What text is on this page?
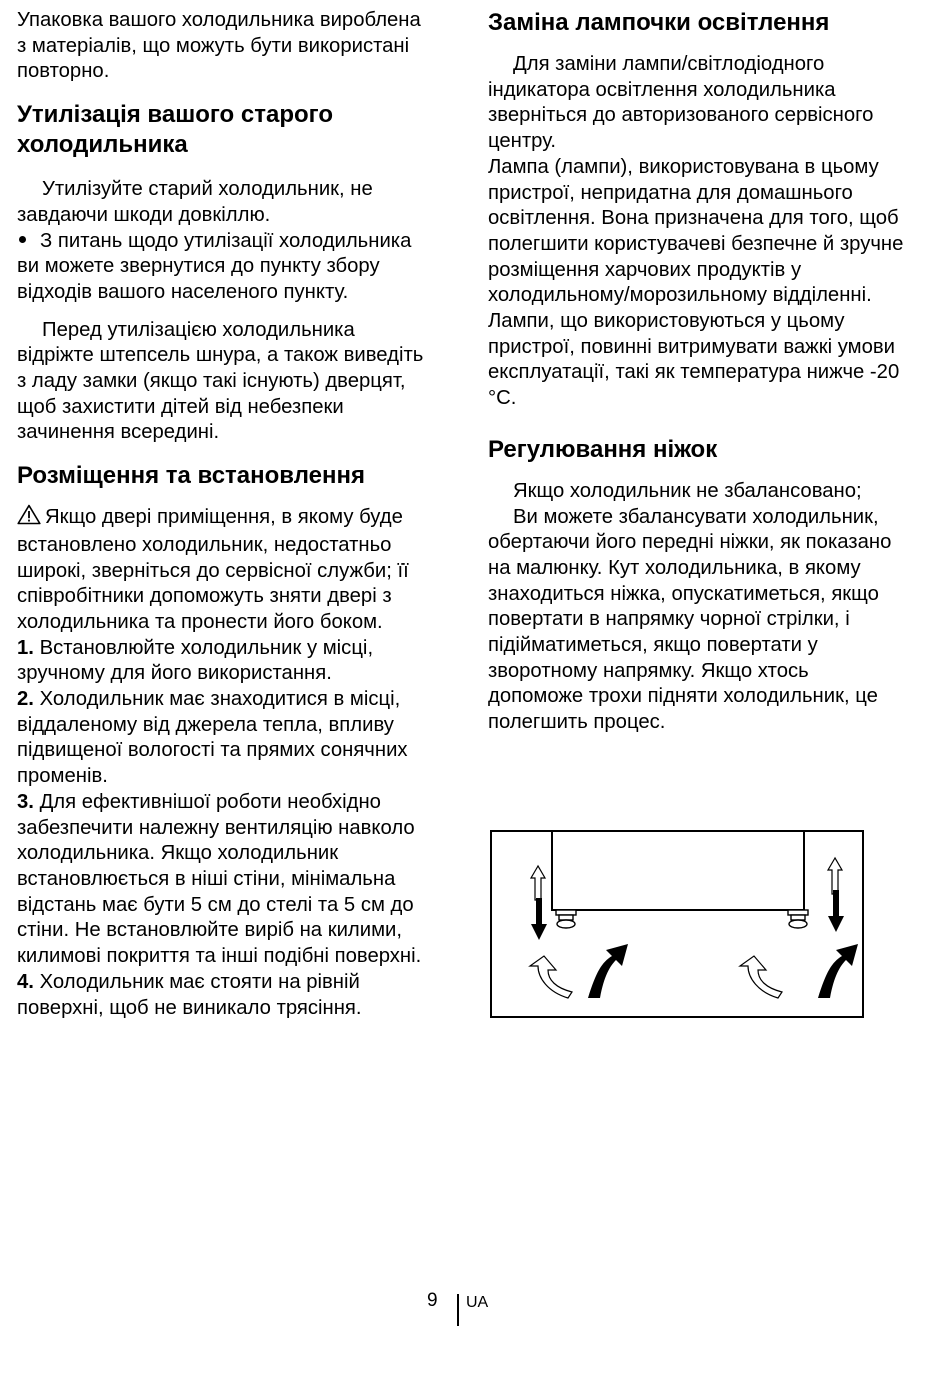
Упаковка вашого холодильника вироблена з матеріалів, що можуть бути використані повторно.

Утилізація вашого старого холодильника

Утилізуйте старий холодильник, не завдаючи шкоди довкіллю.

З питань щодо утилізації холодильника ви можете звернутися до пункту збору відходів вашого населеного пункту.

Перед утилізацією холодильника відріжте штепсель шнура, а також виведіть з ладу замки (якщо такі існують) дверцят, щоб захистити дітей від небезпеки зачинення всередині.

Розміщення та встановлення

Якщо двері приміщення, в якому буде встановлено холодильник, недостатньо широкі, зверніться до сервісної служби; її співробітники допоможуть зняти двері з холодильника та пронести його боком.

1. Встановлюйте холодильник у місці, зручному для його використання.

2. Холодильник має знаходитися в місці, віддаленому від джерела тепла, впливу підвищеної вологості та прямих сонячних променів.

3. Для ефективнішої роботи необхідно забезпечити належну вентиляцію навколо холодильника. Якщо холодильник встановлюється в ніші стіни, мінімальна відстань має бути 5 см до стелі та 5 см до стіни. Не встановлюйте виріб на килими, килимові покриття та інші подібні поверхні.

4. Холодильник має стояти на рівній поверхні, щоб не виникало трясіння.

Заміна лампочки освітлення

Для заміни лампи/світлодіодного індикатора освітлення холодильника зверніться до авторизованого сервісного центру.

Лампа (лампи), використовувана в цьому пристрої, непридатна для домашнього освітлення. Вона призначена для того, щоб полегшити користувачеві безпечне й зручне розміщення харчових продуктів у холодильному/морозильному відділенні.

Лампи, що використовуються у цьому пристрої, повинні витримувати важкі умови експлуатації, такі як температура нижче -20 °C.

Регулювання ніжок

Якщо холодильник не збалансовано;

Ви можете збалансувати холодильник, обертаючи його передні ніжки, як показано на малюнку. Кут холодильника, в якому знаходиться ніжка, опускатиметься, якщо повертати в напрямку чорної стрілки, і підійматиметься, якщо повертати у зворотному напрямку. Якщо хтось допоможе трохи підняти холодильник, це полегшить процес.

9 UA
